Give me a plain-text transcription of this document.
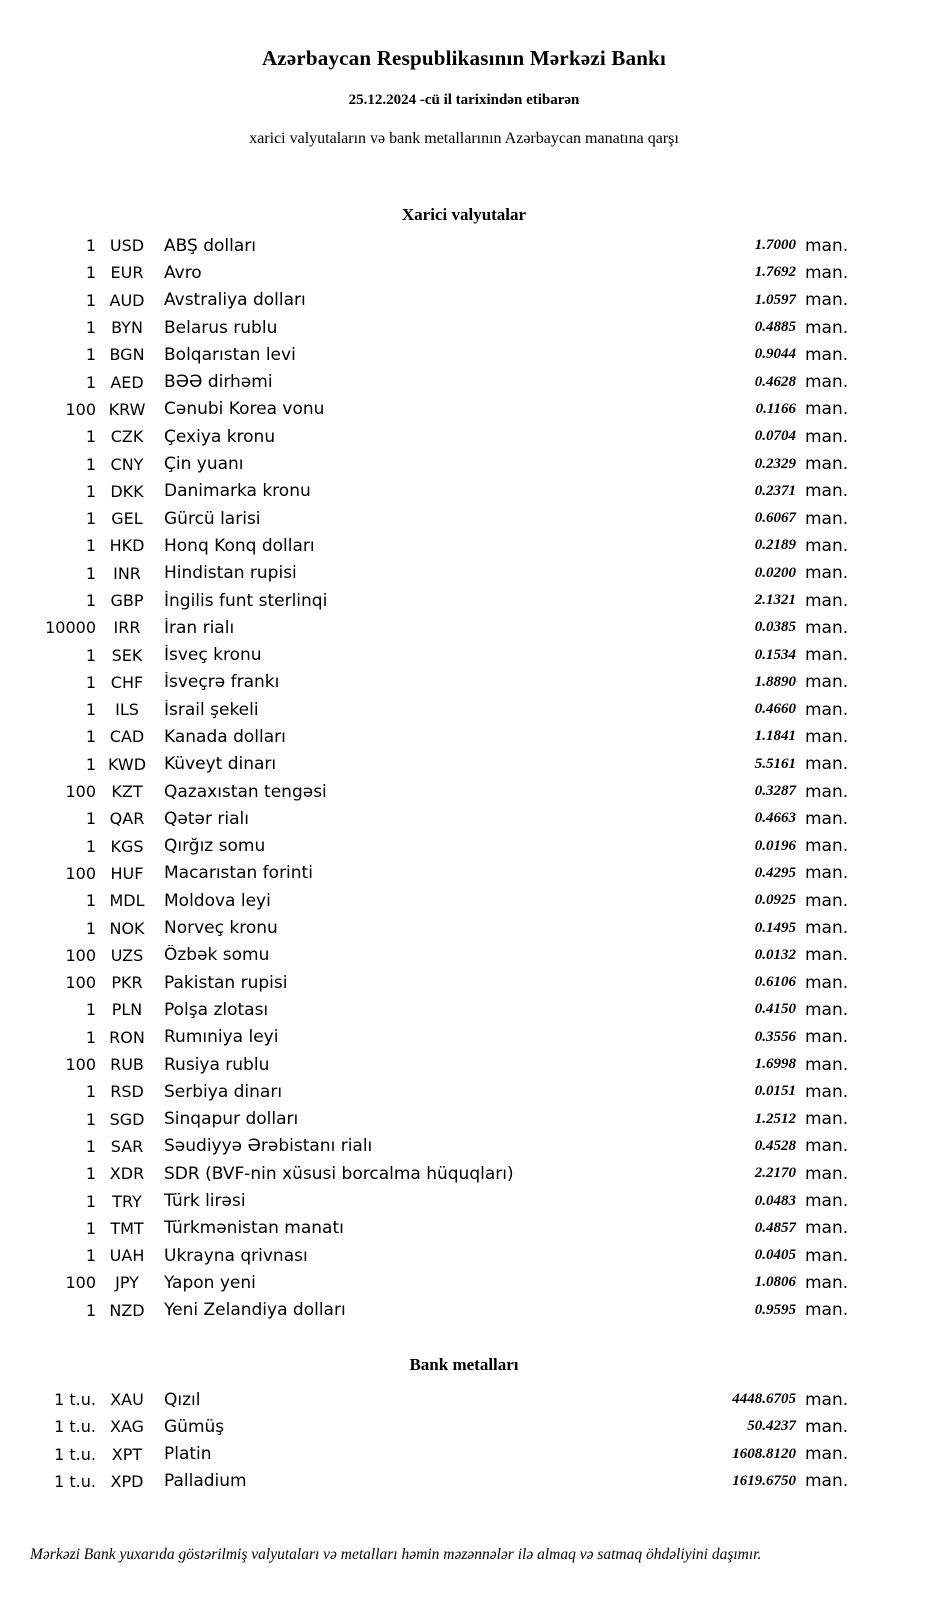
Azərbaycan Respublikasının Mərkəzi Bankı
25.12.2024 -cü il tarixindən etibarən
xarici valyutaların və bank metallarının Azərbaycan manatına qarşı
Xarici valyutalar
1 USD	ABŞ dolları	1.7000 man.
1 EUR	Avro	1.7692 man.
1 AUD	Avstraliya dolları	1.0597 man.
1 BYN	Belarus rublu	0.4885 man.
1 BGN	Bolqarıstan levi	0.9044 man.
1 AED	BƏƏ dirhəmi	0.4628 man.
100 KRW	Cənubi Korea vonu	0.1166 man.
1 CZK	Çexiya kronu	0.0704 man.
1 CNY	Çin yuanı	0.2329 man.
1 DKK	Danimarka kronu	0.2371 man.
1 GEL	Gürcü larisi	0.6067 man.
1 HKD	Honq Konq dolları	0.2189 man.
1	INR	Hindistan rupisi	0.0200 man.
1 GBP	İngilis funt sterlinqi	2.1321 man.
10000	IRR	İran rialı	0.0385 man.
1 SEK	İsveç kronu	0.1534 man.
1 CHF	İsveçrə frankı	1.8890 man.
1	ILS	İsrail şekeli	0.4660 man.
1 CAD	Kanada dolları	1.1841 man.
1 KWD	Küveyt dinarı	5.5161 man.
100 KZT	Qazaxıstan tengəsi	0.3287 man.
1 QAR	Qətər rialı	0.4663 man.
1 KGS	Qırğız somu	0.0196 man.
100 HUF	Macarıstan forinti	0.4295 man.
1 MDL	Moldova leyi	0.0925 man.
1 NOK	Norveç kronu	0.1495 man.
100 UZS	Özbək somu	0.0132 man.
100 PKR	Pakistan rupisi	0.6106 man.
1 PLN	Polşa zlotası	0.4150 man.
1 RON	Rumıniya leyi	0.3556 man.
100 RUB	Rusiya rublu	1.6998 man.
1 RSD	Serbiya dinarı	0.0151 man.
1 SGD	Sinqapur dolları	1.2512 man.
1 SAR	Səudiyyə Ərəbistanı rialı	0.4528 man.
1 XDR	SDR (BVF-nin xüsusi borcalma hüquqları)	2.2170 man.
1	TRY	Türk lirəsi	0.0483 man.
1 TMT	Türkmənistan manatı	0.4857 man.
1 UAH	Ukrayna qrivnası	0.0405 man.
100	JPY	Yapon yeni	1.0806 man.
1 NZD	Yeni Zelandiya dolları	0.9595 man.
Bank metalları
1 t.u. XAU	Qızıl	4448.6705 man.
1 t.u. XAG	Gümüş	50.4237 man.
1 t.u. XPT	Platin	1608.8120 man.
1 t.u. XPD	Palladium	1619.6750 man.
Mərkəzi Bank yuxarıda göstərilmiş valyutaları və metalları həmin məzənnələr ilə almaq və satmaq öhdəliyini daşımır.
